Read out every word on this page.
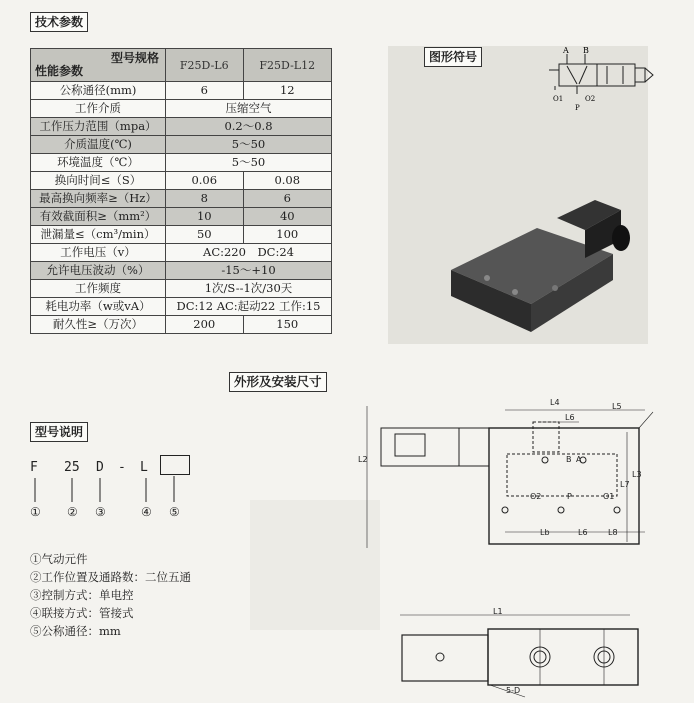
技术参数
型号规格
性能参数	F25D-L6	F25D-L12
公称通径(mm)	6	12
工作介质	压缩空气	
工作压力范围（mpa）	0.2～0.8	
介质温度(℃)	5～50	
环境温度（℃）	5～50	
换向时间≤（S）	0.06	0.08
最高换向频率≥（Hz）	8	6
有效截面积≥（mm²）	10	40
泄漏量≤（cm³/min）	50	100
工作电压（v）	AC:220　DC:24	
允许电压波动（%）	-15～+10	
工作频度	1次/S--1次/30天	
耗电功率（w或vA）	DC:12 AC:起动22 工作:15	
耐久性≥（万次）	200	150
图形符号	A B
O1	O2
P
外形及安装尺寸
型号说明
F 25 D - L
① ② ③	④ ⑤
①气动元件
②工作位置及通路数：二位五通
③控制方式：单电控
④联接方式：管接式
⑤公称通径：mm
L4
L6
L5
L2
L3
L7
B A
O2	P	O1
Lb	L6	L8
L1
5-D
